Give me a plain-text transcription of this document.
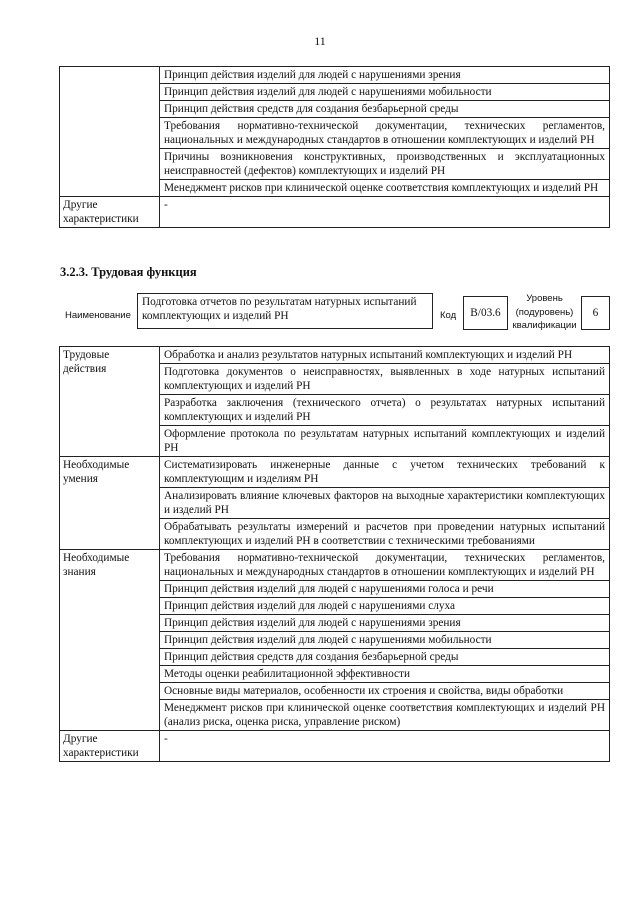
11
	Принцип действия изделий для людей с нарушениями зрения
	Принцип действия изделий для людей с нарушениями мобильности
	Принцип действия средств для создания безбарьерной среды
	Требования нормативно-технической документации, технических регламентов, национальных и международных стандартов в отношении комплектующих и изделий РН
	Причины возникновения конструктивных, производственных и эксплуатационных неисправностей (дефектов) комплектующих и изделий РН
	Менеджмент рисков при клинической оценке соответствия комплектующих и изделий РН
Другие характеристики	-
3.2.3. Трудовая функция
Наименование
Подготовка отчетов по результатам натурных испытаний комплектующих и изделий РН	Код	B/03.6
Уровень (подуровень) квалификации
6
Трудовые действия	Обработка и анализ результатов натурных испытаний комплектующих и изделий РН
	Подготовка документов о неисправностях, выявленных в ходе натурных испытаний комплектующих и изделий РН
	Разработка заключения (технического отчета) о результатах натурных испытаний комплектующих и изделий РН
	Оформление протокола по результатам натурных испытаний комплектующих и изделий РН
Необходимые умения	Систематизировать инженерные данные с учетом технических требований к комплектующим и изделиям РН
	Анализировать влияние ключевых факторов на выходные характеристики комплектующих и изделий РН
	Обрабатывать результаты измерений и расчетов при проведении натурных испытаний комплектующих и изделий РН в соответствии с техническими требованиями
Необходимые знания	Требования нормативно-технической документации, технических регламентов, национальных и международных стандартов в отношении комплектующих и изделий РН
	Принцип действия изделий для людей с нарушениями голоса и речи
	Принцип действия изделий для людей с нарушениями слуха
	Принцип действия изделий для людей с нарушениями зрения
	Принцип действия изделий для людей с нарушениями мобильности
	Принцип действия средств для создания безбарьерной среды
	Методы оценки реабилитационной эффективности
	Основные виды материалов, особенности их строения и свойства, виды обработки
	Менеджмент рисков при клинической оценке соответствия комплектующих и изделий РН (анализ риска, оценка риска, управление риском)
Другие характеристики	-
